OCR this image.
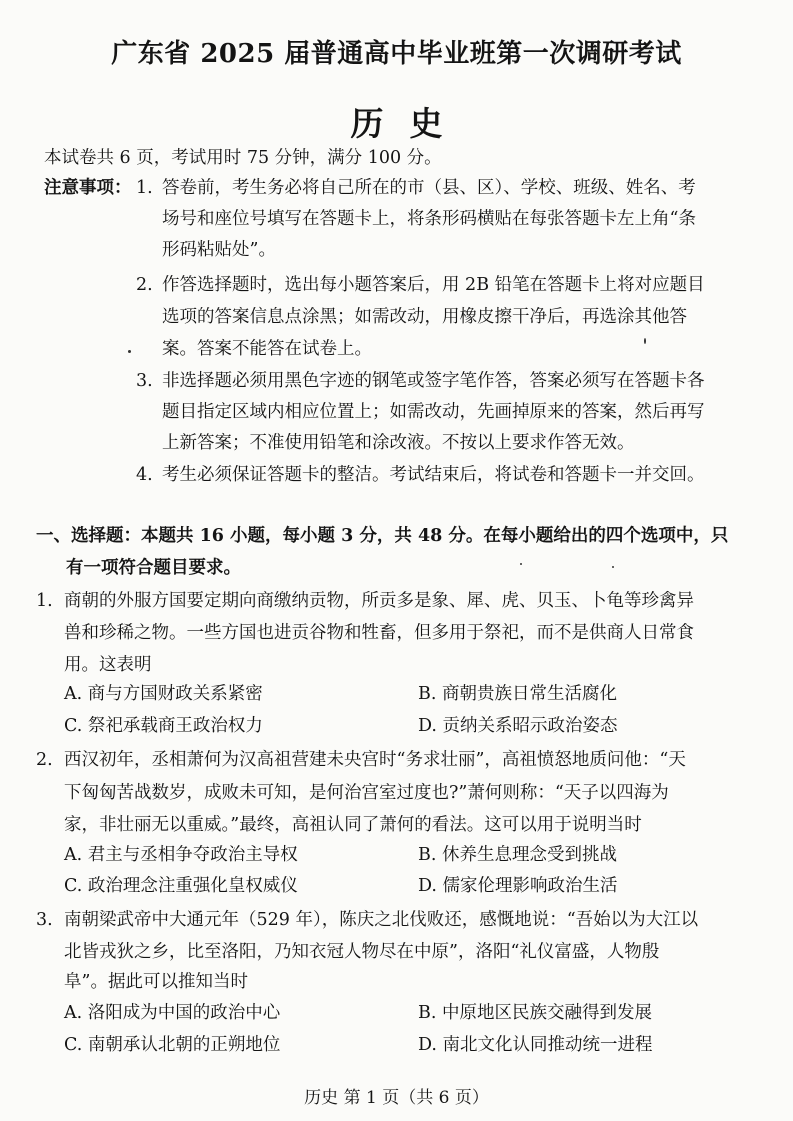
广东省 2025 届普通高中毕业班第一次调研考试
历史
本试卷共 6 页，考试用时 75 分钟，满分 100 分。
注意事项： 1. 答卷前，考生务必将自己所在的市（县、区）、学校、班级、姓名、考
场号和座位号填写在答题卡上，将条形码横贴在每张答题卡左上角“条
形码粘贴处”。
2. 作答选择题时，选出每小题答案后，用 2B 铅笔在答题卡上将对应题目
选项的答案信息点涂黑；如需改动，用橡皮擦干净后，再选涂其他答
案。答案不能答在试卷上。
3. 非选择题必须用黑色字迹的钢笔或签字笔作答，答案必须写在答题卡各
题目指定区域内相应位置上；如需改动，先画掉原来的答案，然后再写
上新答案；不准使用铅笔和涂改液。不按以上要求作答无效。
4. 考生必须保证答题卡的整洁。考试结束后，将试卷和答题卡一并交回。
一、选择题：本题共 16 小题，每小题 3 分，共 48 分。在每小题给出的四个选项中，只
有一项符合题目要求。
1. 商朝的外服方国要定期向商缴纳贡物，所贡多是象、犀、虎、贝玉、卜龟等珍禽异
兽和珍稀之物。一些方国也进贡谷物和牲畜，但多用于祭祀，而不是供商人日常食
用。这表明
A. 商与方国财政关系紧密	B. 商朝贵族日常生活腐化
C. 祭祀承载商王政治权力	D. 贡纳关系昭示政治姿态
2. 西汉初年，丞相萧何为汉高祖营建未央宫时“务求壮丽”，高祖愤怒地质问他：“天
下匈匈苦战数岁，成败未可知，是何治宫室过度也?”萧何则称：“天子以四海为
家，非壮丽无以重威。”最终，高祖认同了萧何的看法。这可以用于说明当时
A. 君主与丞相争夺政治主导权	B. 休养生息理念受到挑战
C. 政治理念注重强化皇权威仪	D. 儒家伦理影响政治生活
3. 南朝梁武帝中大通元年（529 年），陈庆之北伐败还，感慨地说：“吾始以为大江以
北皆戎狄之乡，比至洛阳，乃知衣冠人物尽在中原”，洛阳“礼仪富盛，人物殷
阜”。据此可以推知当时
A. 洛阳成为中国的政治中心	B. 中原地区民族交融得到发展
C. 南朝承认北朝的正朔地位	D. 南北文化认同推动统一进程
历史 第 1 页（共 6 页）
